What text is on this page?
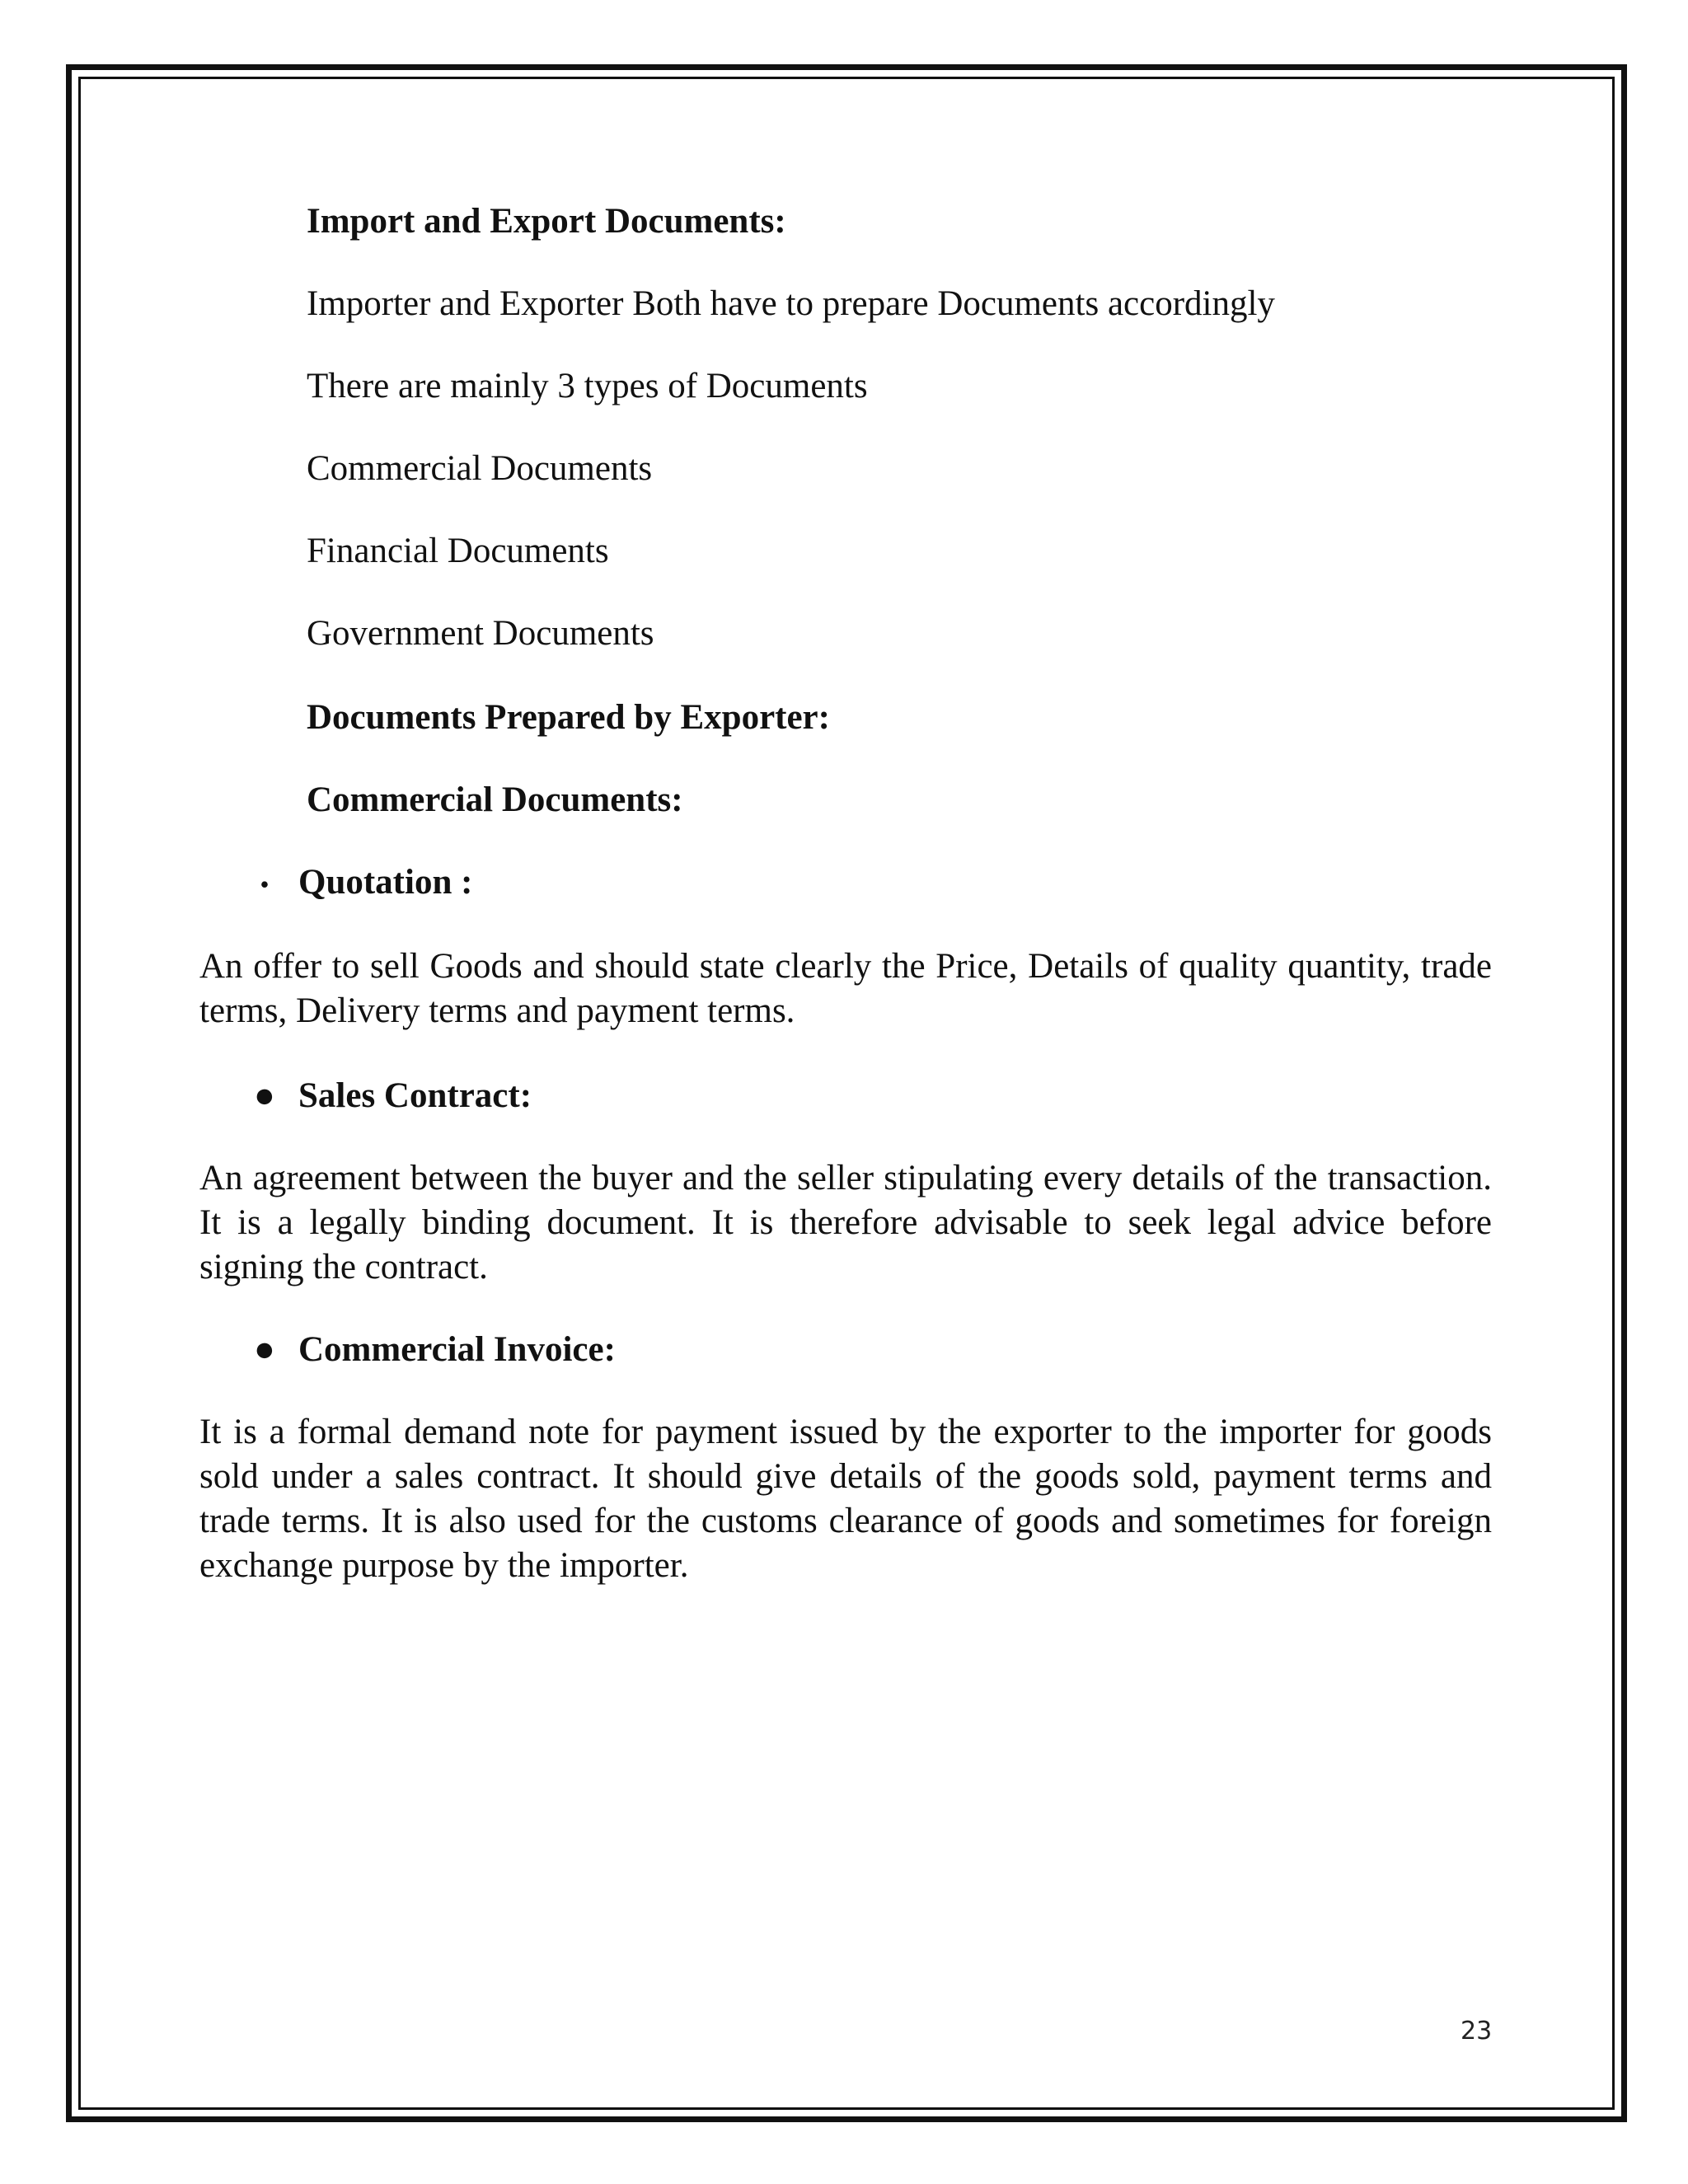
Import and Export Documents:
Importer and Exporter Both have to prepare Documents accordingly
There are mainly 3 types of Documents
Commercial Documents
Financial Documents
Government Documents
Documents Prepared by Exporter:
Commercial Documents:
• Quotation :

An offer to sell Goods and should state clearly the Price, Details of quality quantity, trade terms, Delivery terms and payment terms.

● Sales Contract:

An agreement between the buyer and the seller stipulating every details of the transaction. It is a legally binding document. It is therefore advisable to seek legal advice before signing the contract.

● Commercial Invoice:

It is a formal demand note for payment issued by the exporter to the importer for goods sold under a sales contract. It should give details of the goods sold, payment terms and trade terms. It is also used for the customs clearance of goods and sometimes for foreign exchange purpose by the importer.

23
